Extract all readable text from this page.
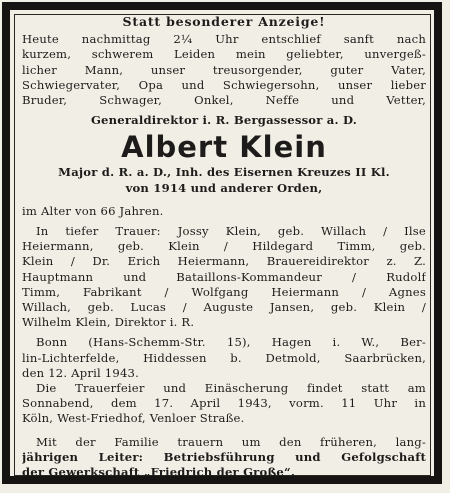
Statt besonderer Anzeige!
Heute nachmittag 2¼ Uhr entschlief sanft nach
kurzem, schwerem Leiden mein geliebter, unvergeß-
licher Mann, unser treusorgender, guter Vater,
Schwiegervater, Opa und Schwiegersohn, unser lieber
Bruder, Schwager, Onkel, Neffe und Vetter,
Generaldirektor i. R. Bergassessor a. D.
Albert Klein
Major d. R. a. D., Inh. des Eisernen Kreuzes II Kl.
von 1914 und anderer Orden,
im Alter von 66 Jahren.
In tiefer Trauer: Jossy Klein, geb. Willach / Ilse
Heiermann, geb. Klein / Hildegard Timm, geb.
Klein / Dr. Erich Heiermann, Brauereidirektor z. Z.
Hauptmann und Bataillons-Kommandeur / Rudolf
Timm, Fabrikant / Wolfgang Heiermann / Agnes
Willach, geb. Lucas / Auguste Jansen, geb. Klein /
Wilhelm Klein, Direktor i. R.
Bonn (Hans-Schemm-Str. 15), Hagen i. W., Ber-
lin-Lichterfelde, Hiddessen b. Detmold, Saarbrücken,
den 12. April 1943.
Die Trauerfeier und Einäscherung findet statt am
Sonnabend, dem 17. April 1943, vorm. 11 Uhr in
Köln, West-Friedhof, Venloer Straße.
Mit der Familie trauern um den früheren, lang-
jährigen Leiter: Betriebsführung und Gefolgschaft
der Gewerkschaft „Friedrich der Große“.
